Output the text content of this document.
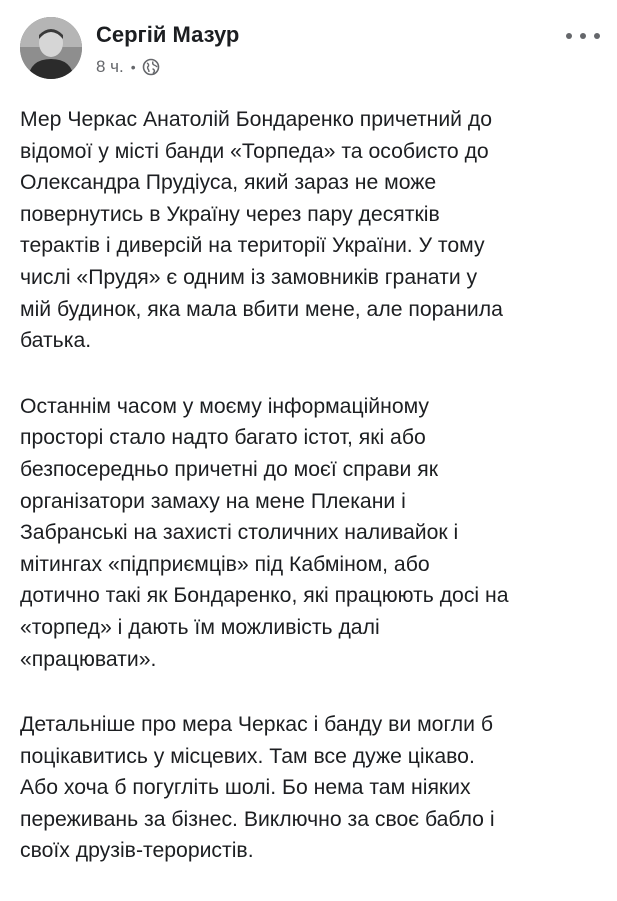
Сергій Мазур
8 ч. •

Мер Черкас Анатолій Бондаренко причетний до
відомої у місті банди «Торпеда» та особисто до
Олександра Прудіуса, який зараз не може
повернутись в Україну через пару десятків
терактів і диверсій на території України. У тому
числі «Прудя» є одним із замовників гранати у
мій будинок, яка мала вбити мене, але поранила
батька.

Останнім часом у моєму інформаційному
просторі стало надто багато істот, які або
безпосередньо причетні до моєї справи як
організатори замаху на мене Плекани і
Забранські на захисті столичних наливайок і
мітингах «підприємців» під Кабміном, або
дотично такі як Бондаренко, які працюють досі на
«торпед» і дають їм можливість далі
«працювати».

Детальніше про мера Черкас і банду ви могли б
поцікавитись у місцевих. Там все дуже цікаво.
Або хоча б погугліть шолі. Бо нема там ніяких
переживань за бізнес. Виключно за своє бабло і
своїх друзів-терористів.
